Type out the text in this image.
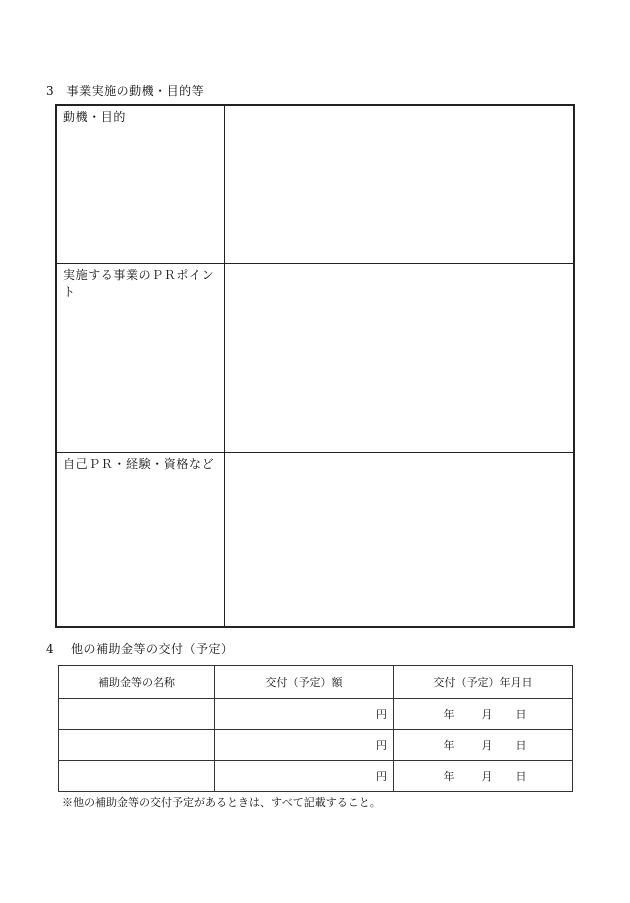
3　事業実施の動機・目的等
動機・目的	
実施する事業のＰＲポイント	
自己ＰＲ・経験・資格など	
4　 他の補助金等の交付（予定）
補助金等の名称	交付（予定）額	交付（予定）年月日
	円	年 月 日

	円	年 月 日

	円	年 月 日
※他の補助金等の交付予定があるときは、すべて記載すること。
